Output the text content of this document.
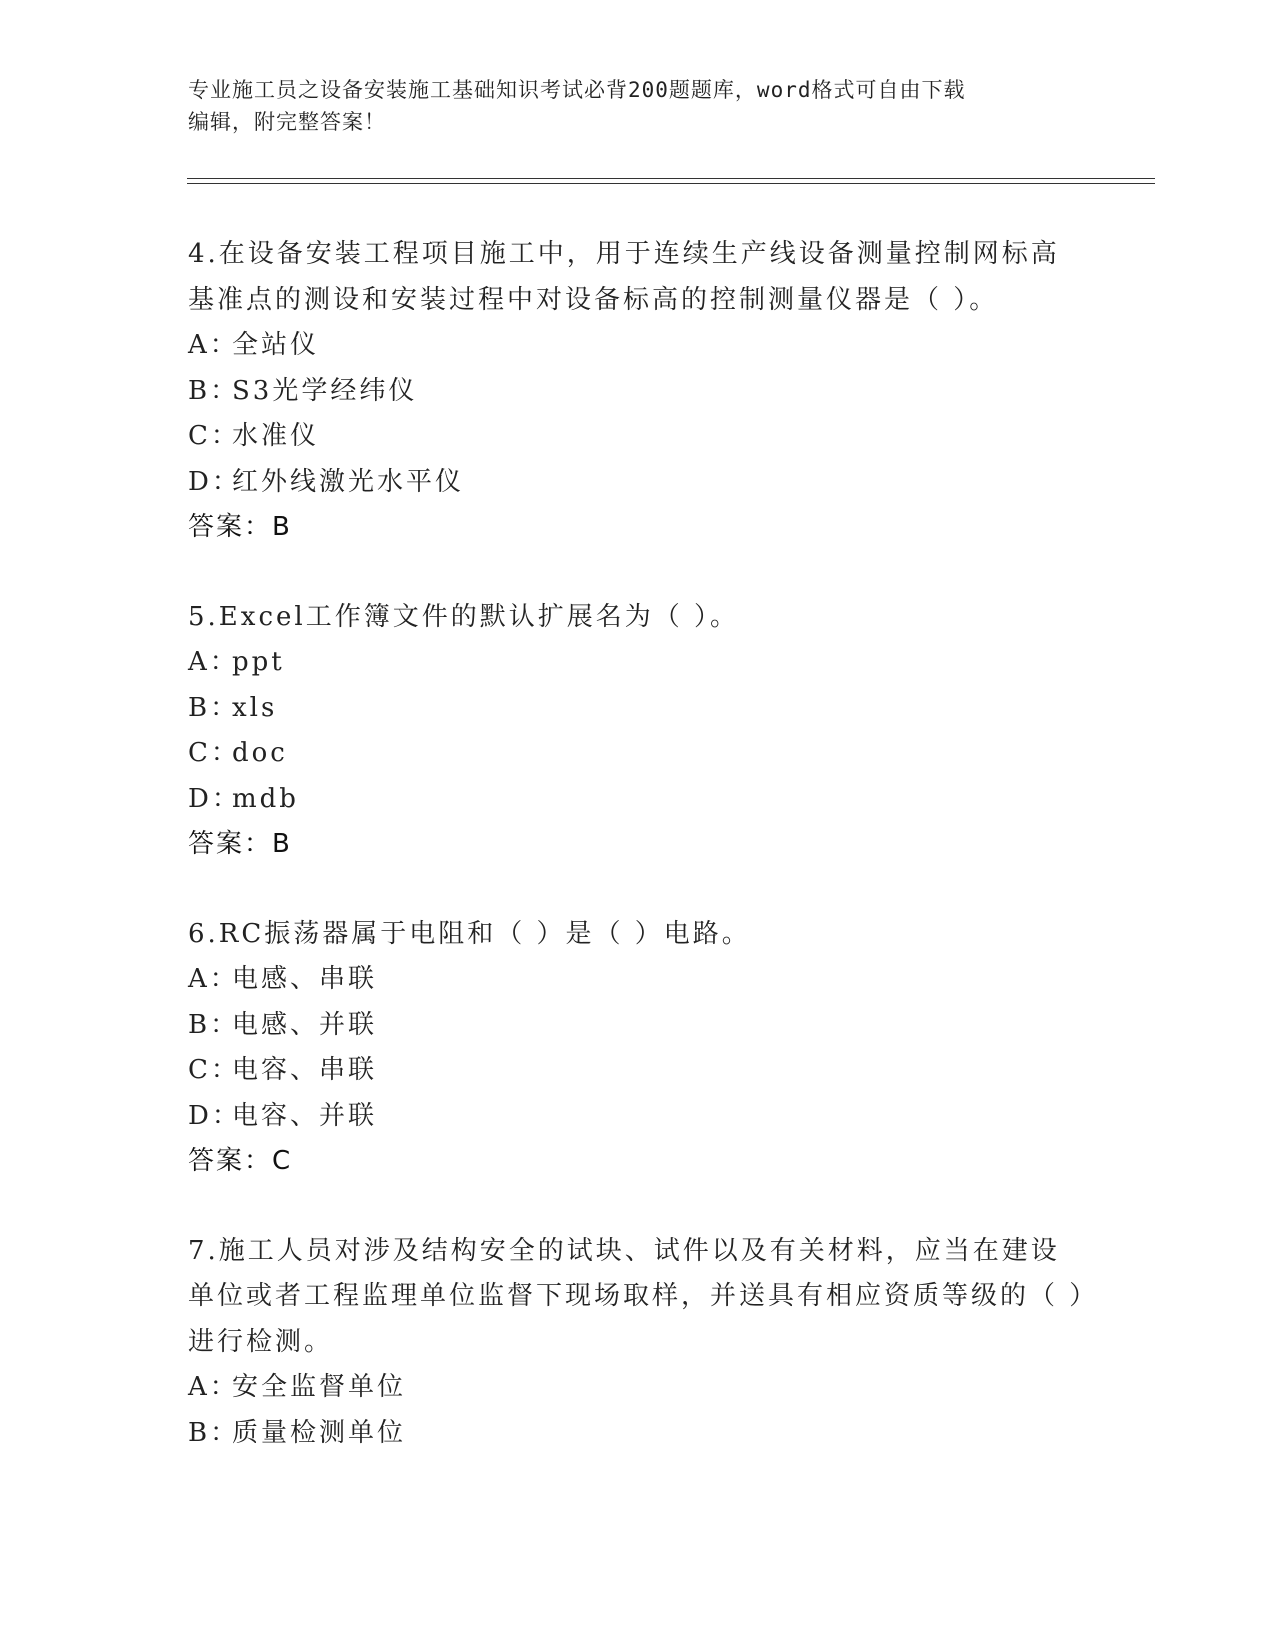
专业施工员之设备安装施工基础知识考试必背200题题库，word格式可自由下载
编辑，附完整答案！

4.在设备安装工程项目施工中，用于连续生产线设备测量控制网标高基准点的测设和安装过程中对设备标高的控制测量仪器是（ ）。

A：全站仪

B：S3光学经纬仪

C：水准仪

D：红外线激光水平仪

答案：B

5.Excel工作簿文件的默认扩展名为（ ）。

A：ppt

B：xls

C：doc

D：mdb

答案：B

6.RC振荡器属于电阻和（ ）是（ ）电路。

A：电感、串联

B：电感、并联

C：电容、串联

D：电容、并联

答案：C

7.施工人员对涉及结构安全的试块、试件以及有关材料，应当在建设单位或者工程监理单位监督下现场取样，并送具有相应资质等级的（ ）进行检测。

A：安全监督单位

B：质量检测单位
